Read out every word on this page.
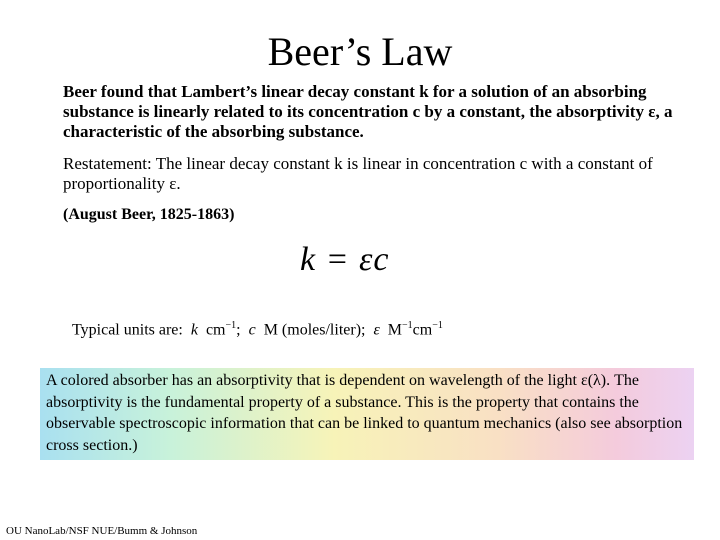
Beer’s Law
Beer found that Lambert’s linear decay constant k for a solution of an absorbing substance is linearly related to its concentration c by a constant, the absorptivity ε, a characteristic of the absorbing substance.
Restatement: The linear decay constant k is linear in concentration c with a constant of proportionality ε.
(August Beer, 1825-1863)
k = εc
Typical units are: k $cm^{-1}$;  c M (moles/liter); ε $M^{-1}cm^{-1}$
A colored absorber has an absorptivity that is dependent on wavelength of the light ε(λ). The absorptivity is the fundamental property of a substance. This is the property that contains the observable spectroscopic information that can be linked to quantum mechanics (also see absorption cross section.)
OU NanoLab/NSF NUE/Bumm & Johnson
